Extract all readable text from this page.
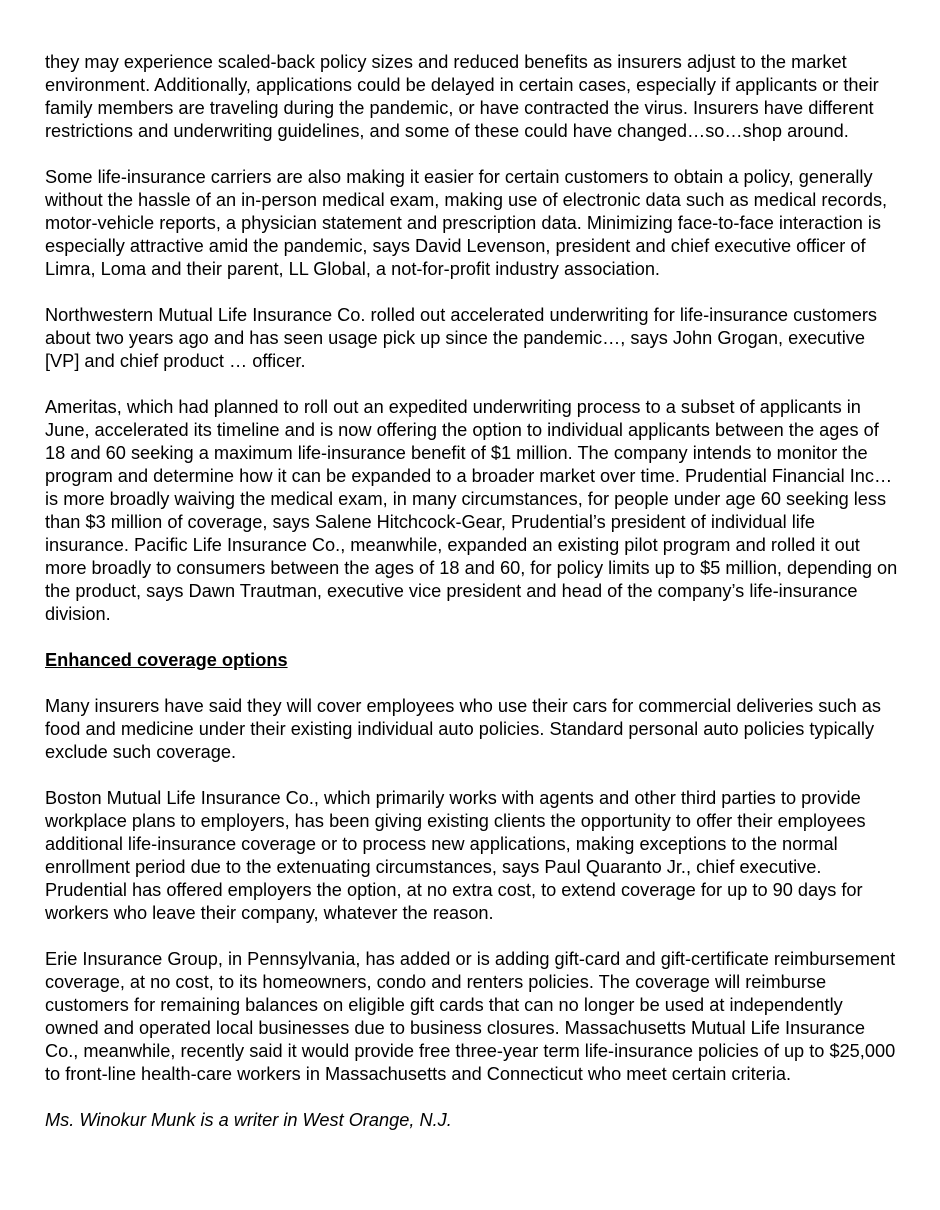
they may experience scaled-back policy sizes and reduced benefits as insurers adjust to the market environment. Additionally, applications could be delayed in certain cases, especially if applicants or their family members are traveling during the pandemic, or have contracted the virus. Insurers have different restrictions and underwriting guidelines, and some of these could have changed…so…shop around.

Some life-insurance carriers are also making it easier for certain customers to obtain a policy, generally without the hassle of an in-person medical exam, making use of electronic data such as medical records, motor-vehicle reports, a physician statement and prescription data. Minimizing face-to-face interaction is especially attractive amid the pandemic, says David Levenson, president and chief executive officer of Limra, Loma and their parent, LL Global, a not-for-profit industry association.

Northwestern Mutual Life Insurance Co. rolled out accelerated underwriting for life-insurance customers about two years ago and has seen usage pick up since the pandemic…, says John Grogan, executive [VP] and chief product … officer.

Ameritas, which had planned to roll out an expedited underwriting process to a subset of applicants in June, accelerated its timeline and is now offering the option to individual applicants between the ages of 18 and 60 seeking a maximum life-insurance benefit of $1 million. The company intends to monitor the program and determine how it can be expanded to a broader market over time. Prudential Financial Inc… is more broadly waiving the medical exam, in many circumstances, for people under age 60 seeking less than $3 million of coverage, says Salene Hitchcock-Gear, Prudential’s president of individual life insurance. Pacific Life Insurance Co., meanwhile, expanded an existing pilot program and rolled it out more broadly to consumers between the ages of 18 and 60, for policy limits up to $5 million, depending on the product, says Dawn Trautman, executive vice president and head of the company’s life-insurance division.

Enhanced coverage options

Many insurers have said they will cover employees who use their cars for commercial deliveries such as food and medicine under their existing individual auto policies. Standard personal auto policies typically exclude such coverage.

Boston Mutual Life Insurance Co., which primarily works with agents and other third parties to provide workplace plans to employers, has been giving existing clients the opportunity to offer their employees additional life-insurance coverage or to process new applications, making exceptions to the normal enrollment period due to the extenuating circumstances, says Paul Quaranto Jr., chief executive. Prudential has offered employers the option, at no extra cost, to extend coverage for up to 90 days for workers who leave their company, whatever the reason.

Erie Insurance Group, in Pennsylvania, has added or is adding gift-card and gift-certificate reimbursement coverage, at no cost, to its homeowners, condo and renters policies. The coverage will reimburse customers for remaining balances on eligible gift cards that can no longer be used at independently owned and operated local businesses due to business closures. Massachusetts Mutual Life Insurance Co., meanwhile, recently said it would provide free three-year term life-insurance policies of up to $25,000 to front-line health-care workers in Massachusetts and Connecticut who meet certain criteria.

Ms. Winokur Munk is a writer in West Orange, N.J.
